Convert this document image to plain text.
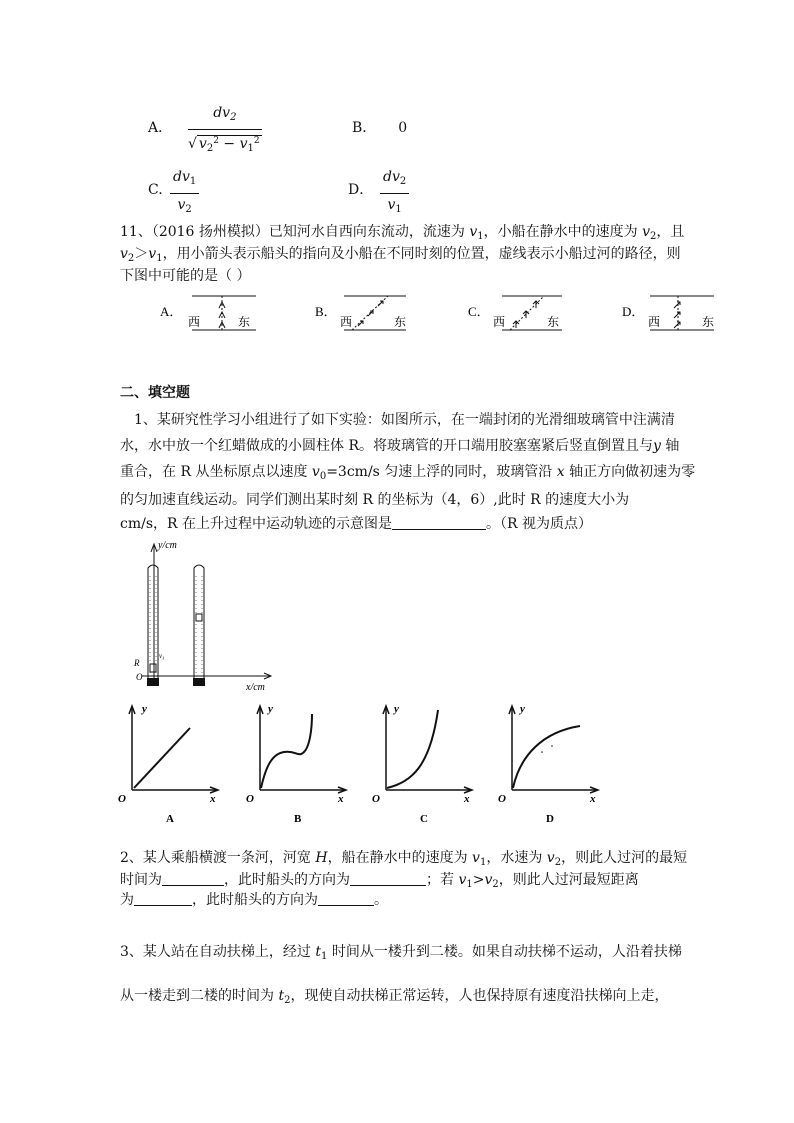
A． $\frac{dv_2}{√ v_2^2 - v_1^2}$	B． 0
C. $\frac{dv_1}{v_2}$	D． $\frac{dv_2}{v_1}$
11、（2016 扬州模拟）已知河水自西向东流动，流速为 $v_1$，小船在静水中的速度为 $v_2$，且
$v_2>v_1$，用小箭头表示船头的指向及小船在不同时刻的位置，虚线表示小船过河的路径，则
下图中可能的是（ ）
A．
西	东
B．
西	东
C．
西	东
D．
西	东
二、填空题
1、某研究性学习小组进行了如下实验：如图所示，在一端封闭的光滑细玻璃管中注满清
水，水中放一个红蜡做成的小圆柱体 R。将玻璃管的开口端用胶塞塞紧后竖直倒置且与y 轴
重合，在 R 从坐标原点以速度 $v_0=3cm/s$ 匀速上浮的同时，玻璃管沿 x 轴正方向做初速为零
的匀加速直线运动。同学们测出某时刻 R 的坐标为（4，6）,此时 R 的速度大小为
cm/s，R 在上升过程中运动轨迹的示意图是	。（R 视为质点）
y/cm
x/cm
v₁
R
O
y
x
O
A
y
x
O
B
y
x
O
C
y
x
O
D
2、某人乘船横渡一条河，河宽 H，船在静水中的速度为 $v_1$，水速为 $v_2$，则此人过河的最短
时间为	，此时船头的方向为	；若 $v_1>v_2$，则此人过河最短距离
为	，此时船头的方向为	。
3、某人站在自动扶梯上，经过 $t_1$ 时间从一楼升到二楼。如果自动扶梯不运动，人沿着扶梯
从一楼走到二楼的时间为 $t_2$，现使自动扶梯正常运转，人也保持原有速度沿扶梯向上走，
